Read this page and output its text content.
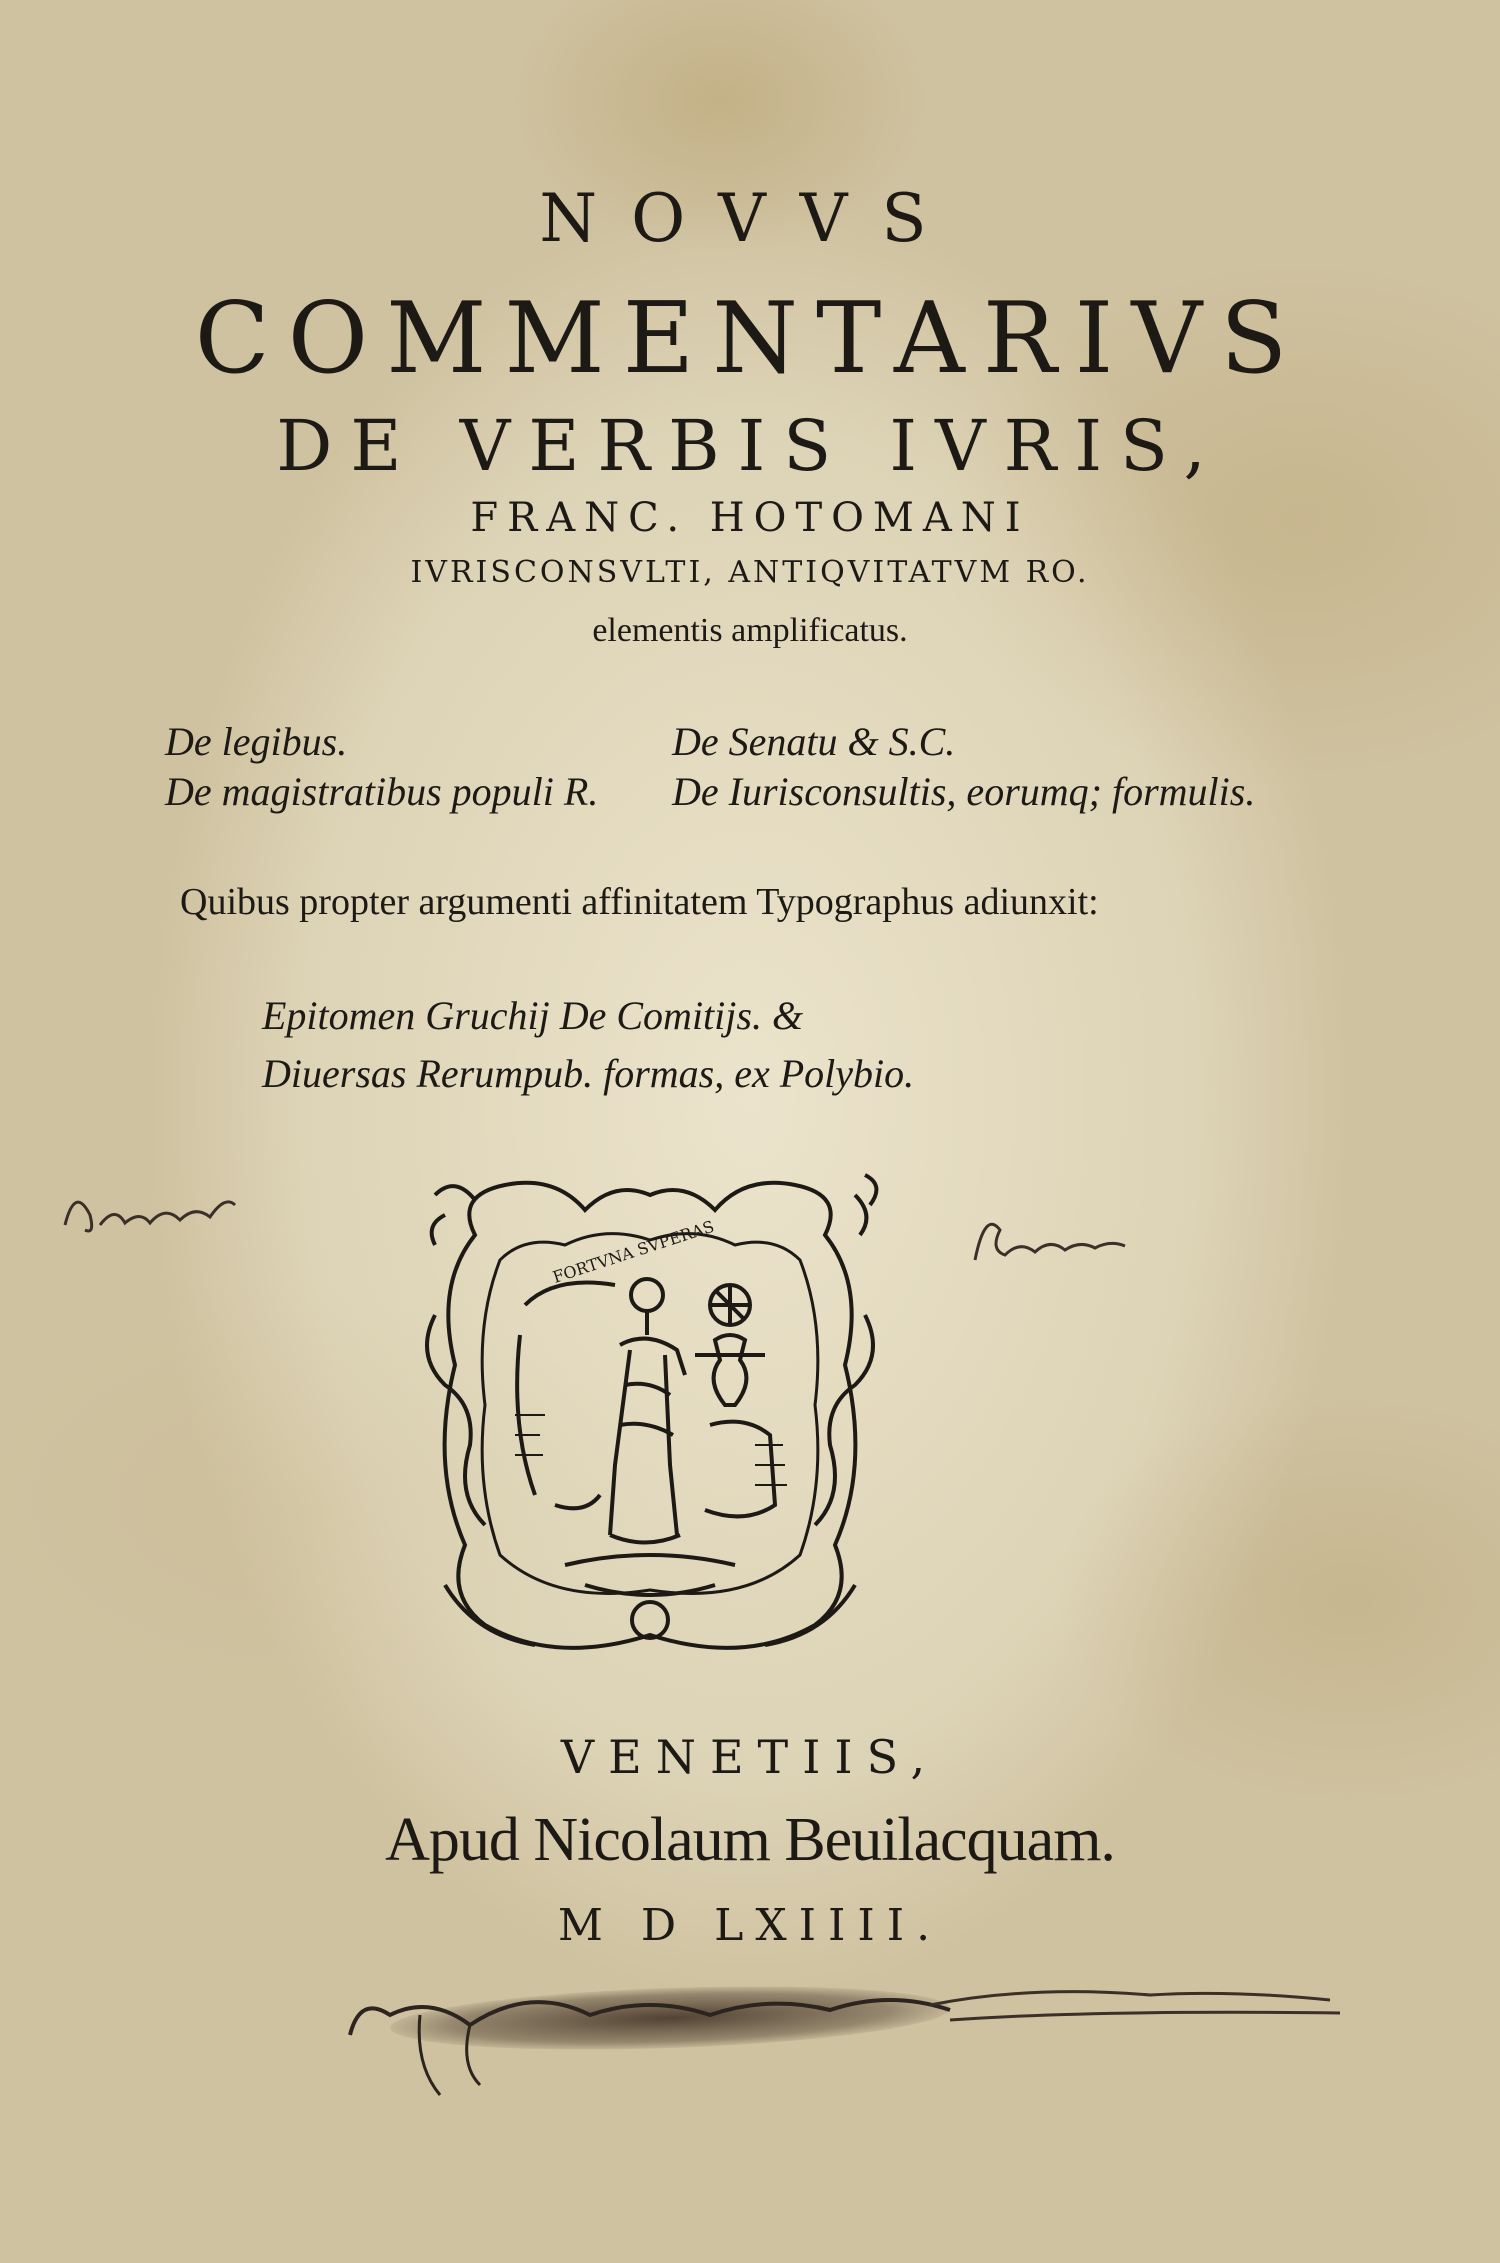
NOVVS
COMMENTARIVS
DE VERBIS IVRIS,
FRANC. HOTOMANI
IVRISCONSVLTI, ANTIQVITATVM RO.
elementis amplificatus.
De legibus.	De Senatu & S.C.
De magistratibus populi R. De Iurisconsultis, eorumq; formulis.
Quibus propter argumenti affinitatem Typographus adiunxit:
Epitomen Gruchij De Comitijs. &
Diuersas Rerumpub. formas, ex Polybio.
FORTVNA SVPERAS
VENETIIS,
Apud Nicolaum Beuilacquam.
M D LXIIII.
